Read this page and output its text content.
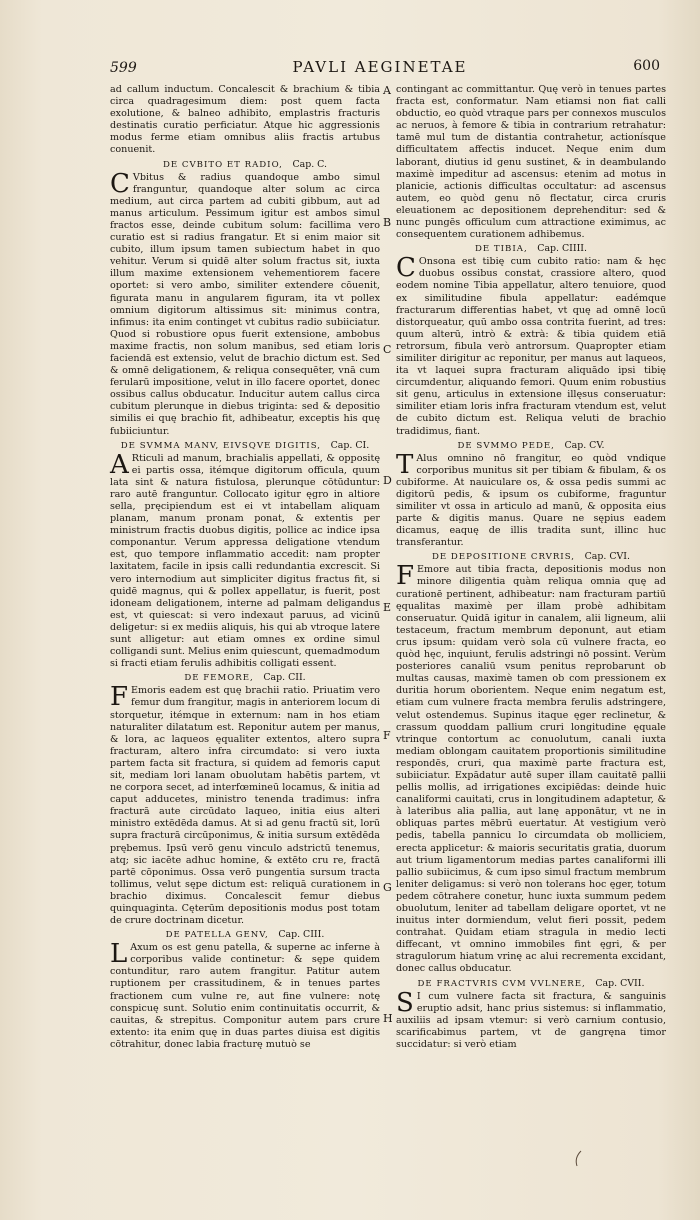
599	PAVLI AEGINETAE	600

ad callum inductum. Concalescit & brachium & tibia circa quadragesimum diem: post quem facta exolutione, & balneo adhibito, emplastris fracturis destinatis curatio perficiatur. Atque hic aggressionis modus ferme etiam omnibus aliis fractis artubus conuenit.

DE CVBITO ET RADIO,  Cap. C.

C Vbitus & radius quandoque ambo simul franguntur, quandoque alter solum ac circa medium, aut circa partem ad cubiti gibbum, aut ad manus articulum. Pessimum igitur est ambos simul fractos esse, deinde cubitum solum: facillima vero curatio est si radius frangatur. Et si enim maior sit cubito, illum ipsum tamen subiectum habet in quo vehitur. Verum si quidē alter solum fractus sit, iuxta illum maxime extensionem vehementiorem facere oportet: si vero ambo, similiter extendere cōuenit, figurata manu in angularem figuram, ita vt pollex omnium digitorum altissimus sit: minimus contra, infimus: ita enim continget vt cubitus radio subiiciatur. Quod si robustiore opus fuerit extensione, ambobus maxime fractis, non solum manibus, sed etiam loris faciendā est extensio, velut de brachio dictum est. Sed & omnē deligationem, & reliqua consequēter, vnā cum ferularū impositione, velut in illo facere oportet, donec ossibus callus obducatur. Inducitur autem callus circa cubitum plerunque in diebus triginta: sed & depositio similis ei quę brachio fit, adhibeatur, exceptis his quę fubiiciuntur.

DE SVMMA MANV, EIVSQVE DIGITIS,  Cap. CI.

A Rticuli ad manum, brachialis appellati, & oppositę ei partis ossa, itémque digitorum officula, quum lata sint & natura fistulosa, plerunque cōtūduntur: raro autē franguntur. Collocato igitur ęgro in altiore sella, pręcipiendum est ei vt intabellam aliquam planam, manum pronam ponat, & extentis per ministrum fractis duobus digitis, pollice ac indice ipsa componantur. Verum appressa deligatione vtendum est, quo tempore inflammatio accedit: nam propter laxitatem, facile in ipsis calli redundantia excrescit. Si vero internodium aut simpliciter digitus fractus fit, si quidē magnus, qui & pollex appellatur, is fuerit, post idoneam deligationem, interne ad palmam deligandus est, vt quiescat: si vero indexaut paruus, ad vicinū deligetur: si ex mediis aliquis, his qui ab vtroque latere sunt alligetur: aut etiam omnes ex ordine simul colligandi sunt. Melius enim quiescunt, quemadmodum si fracti etiam ferulis adhibitis colligati essent.

DE FEMORE,  Cap. CII.

F Emoris eadem est quę brachii ratio. Priuatim vero femur dum frangitur, magis in anteriorem locum di storquetur, itémque in externum: nam in hos etiam naturaliter dilatatum est. Reponitur autem per manus, & lora, ac laqueos ęqualiter extentos, altero supra fracturam, altero infra circumdato: si vero iuxta partem facta sit fractura, si quidem ad femoris caput sit, mediam lori lanam obuolutam habētis partem, vt ne corpora secet, ad interfœmineū locamus, & initia ad caput adducetes, ministro tenenda tradimus: infra fracturā aute circūdato laqueo, initia eius alteri ministro extēdēda damus. At si ad genu fractū sit, lorū supra fracturā circūponimus, & initia sursum extēdēda prębemus. Ipsū verō genu vinculo adstrictū tenemus, atq; sic iacēte adhuc homine, & extēto cru re, fractā partē cōponimus. Ossa verō pungentia sursum tracta tollimus, velut sępe dictum est: reliquā curationem in brachio diximus. Concalescit femur diebus quinquaginta. Cęterūm depositionis modus post totam de crure doctrinam dicetur.

DE PATELLA GENV,  Cap. CIII.

L Axum os est genu patella, & superne ac inferne à corporibus valide continetur: & sępe quidem contunditur, raro autem frangitur. Patitur autem ruptionem per crassitudinem, & in tenues partes fractionem cum vulne re, aut fine vulnere: notę conspicuę sunt. Solutio enim continuitatis occurrit, & cauitas, & strepitus. Componitur autem pars crure extento: ita enim quę in duas partes diuisa est digitis cōtrahitur, donec labia fracturę mutuò se

contingant ac committantur. Quę verò in tenues partes fracta est, conformatur. Nam etiamsi non fiat calli obductio, eo quòd vtraque pars per connexos musculos ac neruos, à femore & tibia in contrarium retrahatur: tamē mul tum de distantia contrahetur, actionísque difficultatem affectis inducet. Neque enim dum laborant, diutius id genu sustinet, & in deambulando maximè impeditur ad ascensus: etenim ad motus in planicie, actionis difficultas occultatur: ad ascensus autem, eo quòd genu nō flectatur, circa cruris eleuationem ac depositionem deprehenditur: sed & nunc pungēs officulum cum attractione eximimus, ac consequentem curationem adhibemus.

DE TIBIA,  Cap. CIIII.

C Onsona est tibię cum cubito ratio: nam & hęc duobus ossibus constat, crassiore altero, quod eodem nomine Tibia appellatur, altero tenuiore, quod ex similitudine fibula appellatur: eadémque fracturarum differentias habet, vt quę ad omnē locū distorqueatur, quū ambo ossa contrita fuerint, ad tres: quum alterū, intrò & extrà: & tibia quidem etiā retrorsum, fibula verò antrorsum. Quapropter etiam similiter dirigitur ac reponitur, per manus aut laqueos, ita vt laquei supra fracturam aliquādo ipsi tibię circumdentur, aliquando femori. Quum enim robustius sit genu, articulus in extensione illęsus conseruatur: similiter etiam loris infra fracturam vtendum est, velut de cubito dictum est. Reliqua veluti de brachio tradidimus, fiant.

DE SVMMO PEDE,  Cap. CV.

T Alus omnino nō frangitur, eo quòd vndique corporibus munitus sit per tibiam & fibulam, & os cubiforme. At nauiculare os, & ossa pedis summi ac digitorū pedis, & ipsum os cubiforme, fraguntur similiter vt ossa in articulo ad manū, & opposita eius parte & digitis manus. Quare ne sępius eadem dicamus, eaquę de illis tradita sunt, illinc huc transferantur.

DE DEPOSITIONE CRVRIS,  Cap. CVI.

F Emore aut tibia fracta, depositionis modus non minore diligentia quàm reliqua omnia quę ad curationē pertinent, adhibeatur: nam fracturam partiū ęqualitas maximè per illam probè adhibitam conseruatur. Quidā igitur in canalem, alii ligneum, alii testaceum, fractum membrum deponunt, aut etiam crus ipsum: quidam verò sola cū vulnere fracta, eo quòd hęc, inquiunt, ferulis adstringi nō possint. Verùm posteriores canaliū vsum penitus reprobarunt ob multas causas, maximè tamen ob com pressionem ex duritia horum oborientem. Neque enim negatum est, etiam cum vulnere fracta membra ferulis adstringere, velut ostendemus. Supinus itaque ęger reclinetur, & crassum quoddam pallium cruri longitudine ęquale vtrinque contortum ac conuolutum, canali iuxta mediam oblongam cauitatem proportionis similitudine respondēs, cruri, qua maximè parte fractura est, subiiciatur. Expādatur autē super illam cauitatē pallii pellis mollis, ad irrigationes excipiēdas: deinde huic canaliformi cauitati, crus in longitudinem adaptetur, & à lateribus alia pallia, aut lanę apponātur, vt ne in obliquas partes mēbrū euertatur. At vestigium verò pedis, tabella pannicu lo circumdata ob molliciem, erecta applicetur: & maioris securitatis gratia, duorum aut trium ligamentorum medias partes canaliformi illi pallio subiicimus, & cum ipso simul fractum membrum leniter deligamus: si verò non tolerans hoc ęger, totum pedem cōtrahere conetur, hunc iuxta summum pedem obuolutum, leniter ad tabellam deligare oportet, vt ne inuitus inter dormiendum, velut fieri possit, pedem contrahat. Quidam etiam stragula in medio lecti diffecant, vt omnino immobiles fint ęgri, & per stragulorum hiatum vrinę ac alui recrementa excidant, donec callus obducatur.

DE FRACTVRIS CVM VVLNERE,  Cap. CVII.

S I cum vulnere facta sit fractura, & sanguinis eruptio adsit, hanc prius sistemus: si inflammatio, auxiliis ad ipsam vtemur: si verò carnium contusio, scarificabimus partem, vt de gangręna timor succidatur: si verò etiam

A
B
C
D
E
F
G
H
